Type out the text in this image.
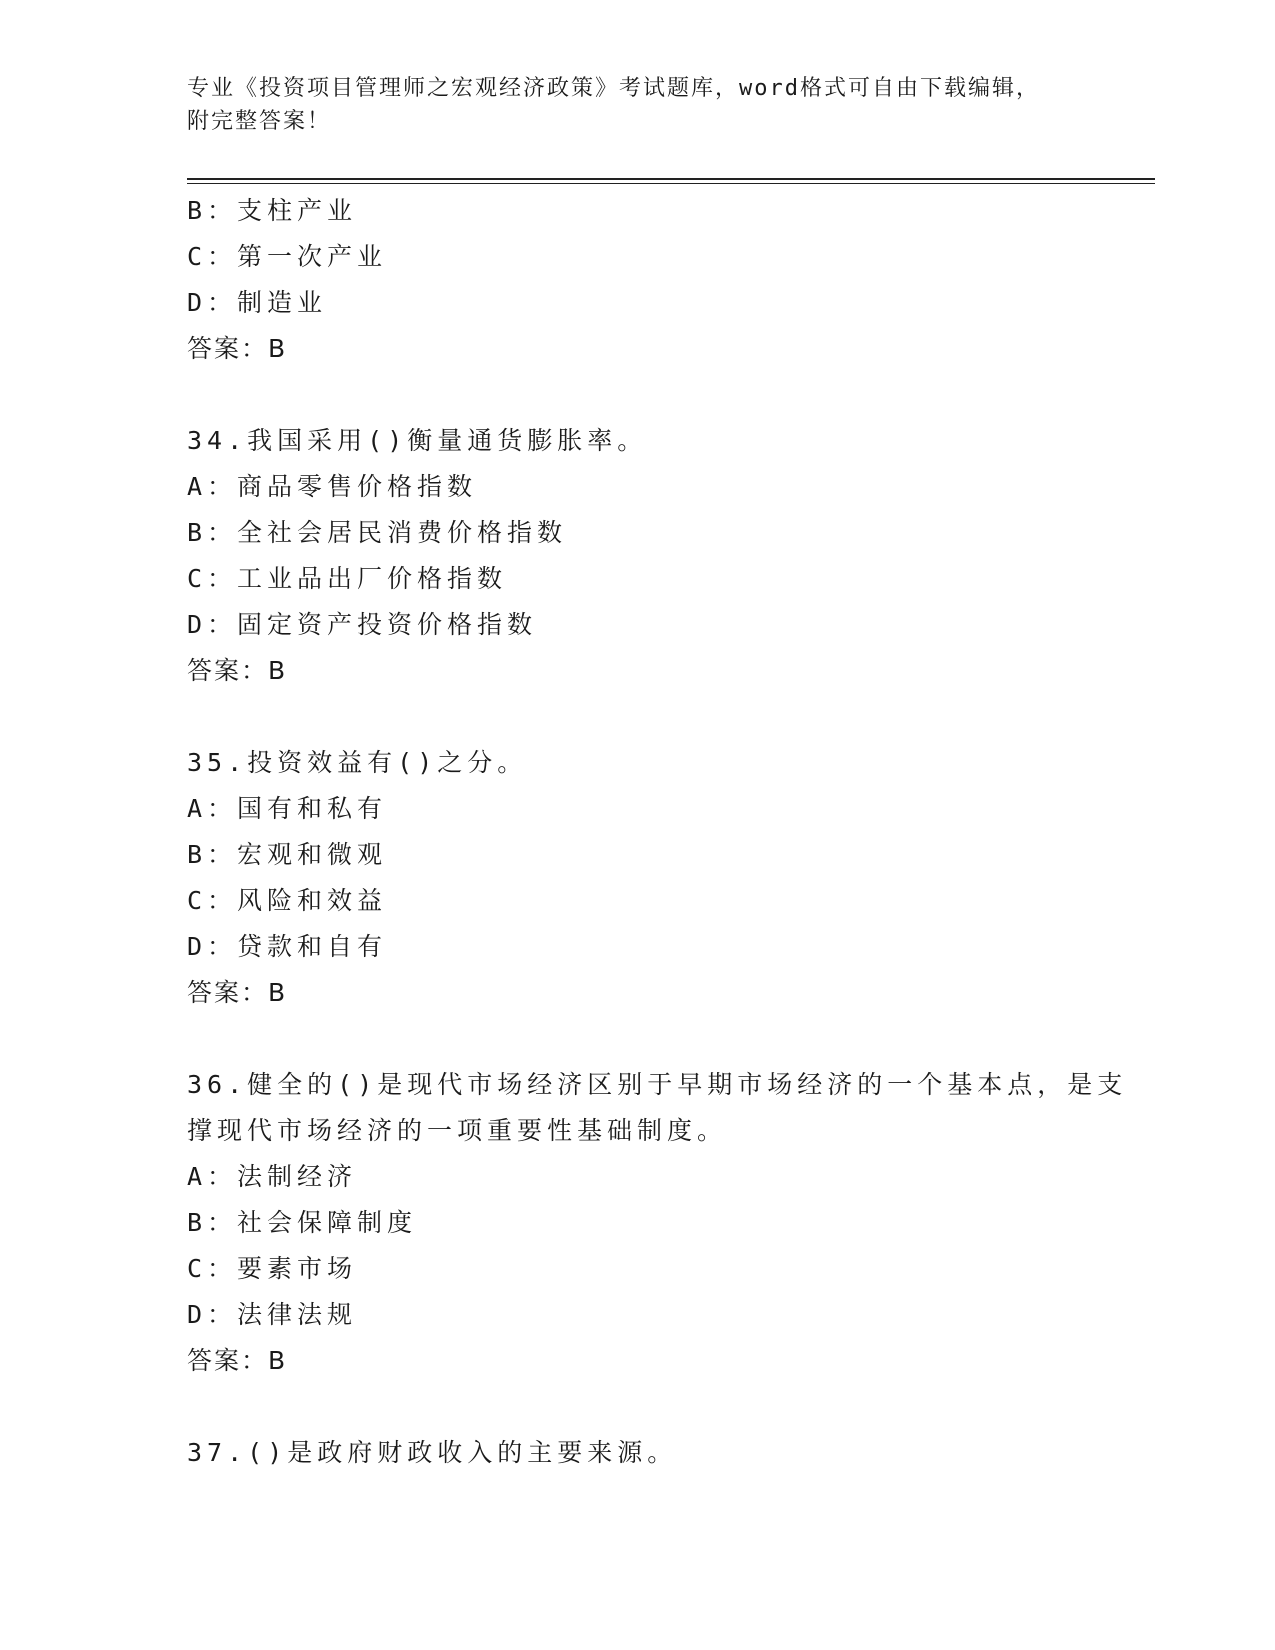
专业《投资项目管理师之宏观经济政策》考试题库，word格式可自由下载编辑，
附完整答案！
B：支柱产业
C：第一次产业
D：制造业
答案：B
34.我国采用()衡量通货膨胀率。
A：商品零售价格指数
B：全社会居民消费价格指数
C：工业品出厂价格指数
D：固定资产投资价格指数
答案：B
35.投资效益有()之分。
A：国有和私有
B：宏观和微观
C：风险和效益
D：贷款和自有
答案：B
36.健全的()是现代市场经济区别于早期市场经济的一个基本点，是支
撑现代市场经济的一项重要性基础制度。
A：法制经济
B：社会保障制度
C：要素市场
D：法律法规
答案：B
37.()是政府财政收入的主要来源。
